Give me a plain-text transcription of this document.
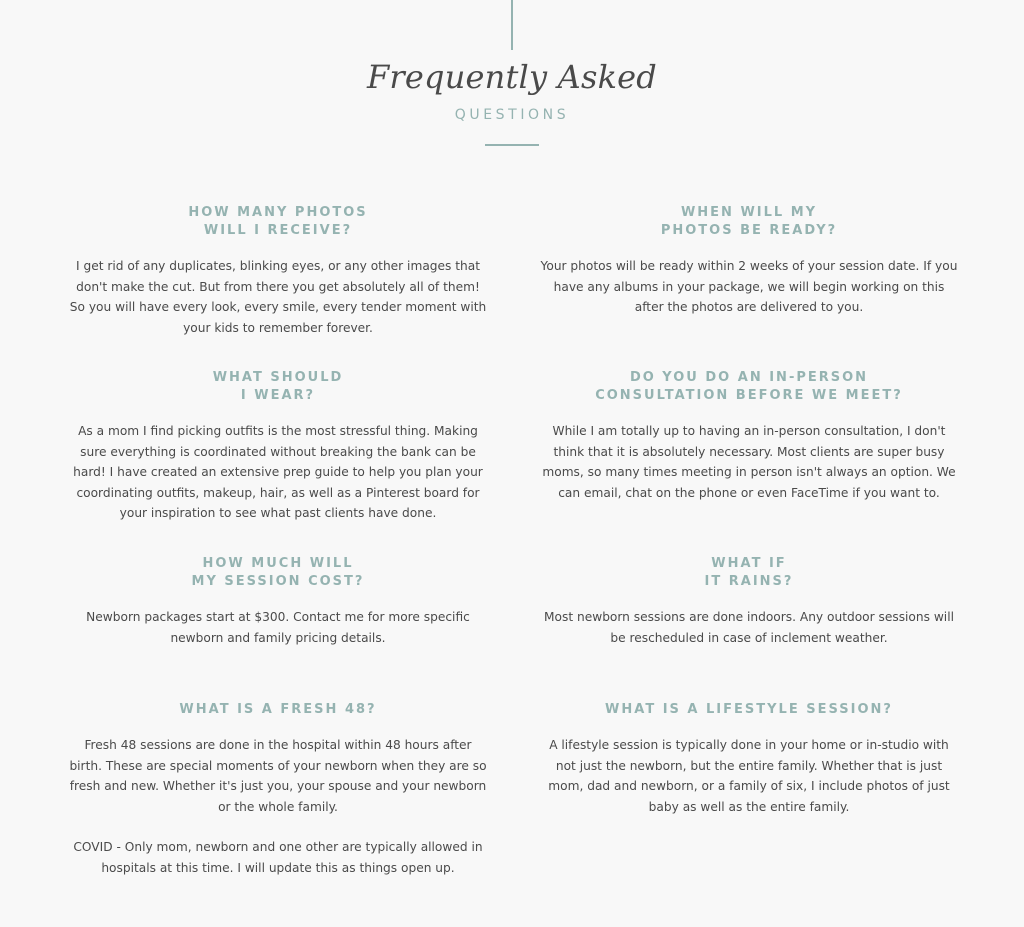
Frequently Asked
QUESTIONS
HOW MANY PHOTOS
WILL I RECEIVE?

I get rid of any duplicates, blinking eyes, or any other images that don't make the cut. But from there you get absolutely all of them! So you will have every look, every smile, every tender moment with your kids to remember forever.

WHEN WILL MY
PHOTOS BE READY?

Your photos will be ready within 2 weeks of your session date. If you have any albums in your package, we will begin working on this after the photos are delivered to you.

WHAT SHOULD
I WEAR?

As a mom I find picking outfits is the most stressful thing. Making sure everything is coordinated without breaking the bank can be hard! I have created an extensive prep guide to help you plan your coordinating outfits, makeup, hair, as well as a Pinterest board for your inspiration to see what past clients have done.

DO YOU DO AN IN-PERSON
CONSULTATION BEFORE WE MEET?

While I am totally up to having an in-person consultation, I don't think that it is absolutely necessary. Most clients are super busy moms, so many times meeting in person isn't always an option. We can email, chat on the phone or even FaceTime if you want to.

HOW MUCH WILL
MY SESSION COST?

Newborn packages start at $300. Contact me for more specific newborn and family pricing details.

WHAT IF
IT RAINS?

Most newborn sessions are done indoors. Any outdoor sessions will be rescheduled in case of inclement weather.

WHAT IS A FRESH 48?

Fresh 48 sessions are done in the hospital within 48 hours after birth. These are special moments of your newborn when they are so fresh and new. Whether it's just you, your spouse and your newborn or the whole family.

COVID - Only mom, newborn and one other are typically allowed in hospitals at this time. I will update this as things open up.

WHAT IS A LIFESTYLE SESSION?

A lifestyle session is typically done in your home or in-studio with not just the newborn, but the entire family. Whether that is just mom, dad and newborn, or a family of six, I include photos of just baby as well as the entire family.
